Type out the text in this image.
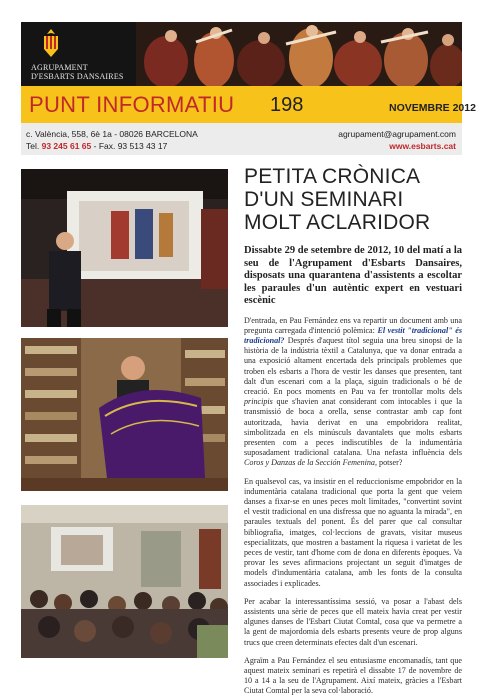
AGRUPAMENT
D'ESBARTS DANSAIRES
PUNT INFORMATIU 198	NOVEMBRE 2012
c. València, 558, 6è 1a - 08026 BARCELONA
Tel. 93 245 61 65 - Fax. 93 513 43 17
agrupament@agrupament.com
www.esbarts.cat
PETITA CRÒNICA
D'UN SEMINARI
MOLT ACLARIDOR

Dissabte 29 de setembre de 2012, 10 del matí a la seu de l'Agrupament d'Esbarts Dansaires, disposats una quarantena d'assistents a escoltar les paraules d'un autèntic expert en vestuari escènic

D'entrada, en Pau Fernández ens va repartir un document amb una pregunta carregada d'intenció polèmica: El vestit "tradicional" és tradicional? Després d'aquest títol seguia una breu sinopsi de la història de la indústria tèxtil a Catalunya, que va donar entrada a una exposició altament encertada dels principals problemes que troben els esbarts a l'hora de vestir les danses que presenten, tant dalt d'un escenari com a la plaça, siguin tradicionals o bé de creació. En pocs moments en Pau va fer trontollar molts dels principis que s'havien anat considerant com intocables i que la transmissió de boca a orella, sense contrastar amb cap font autoritzada, havia derivat en una empobridora realitat, simbolitzada en els minúsculs davantalets que molts esbarts presenten com a peces indiscutibles de la indumentària suposadament tradicional catalana. Una nefasta influència dels Coros y Danzas de la Sección Femenina, potser?

En qualsevol cas, va insistir en el reduccionisme empobridor en la indumentària catalana tradicional que porta la gent que veiem danses a fixar-se en unes peces molt limitades, "convertint sovint el vestit tradicional en una disfressa que no aguanta la mirada", en paraules textuals del ponent. És del parer que cal consultar bibliografia, imatges, col·leccions de gravats, visitar museus especialitzats, que mostren a bastament la riquesa i varietat de les peces de vestir, tant d'home com de dona en diferents èpoques. Va provar les seves afirmacions projectant un seguit d'imatges de models d'indumentària catalana, amb les fonts de la consulta associades i explicades.

Per acabar la interessantíssima sessió, va posar a l'abast dels assistents una sèrie de peces que ell mateix havia creat per vestir algunes danses de l'Esbart Ciutat Comtal, cosa que va permetre a la gent de majordomia dels esbarts presents veure de prop alguns trucs que creen determinats efectes dalt d'un escenari.

Agraïm a Pau Fernández el seu entusiasme encomanadís, tant que aquest mateix seminari es repetirà el dissabte 17 de novembre de 10 a 14 a la seu de l'Agrupament. Així mateix, gràcies a l'Esbart Ciutat Comtal per la seva col·laboració.
